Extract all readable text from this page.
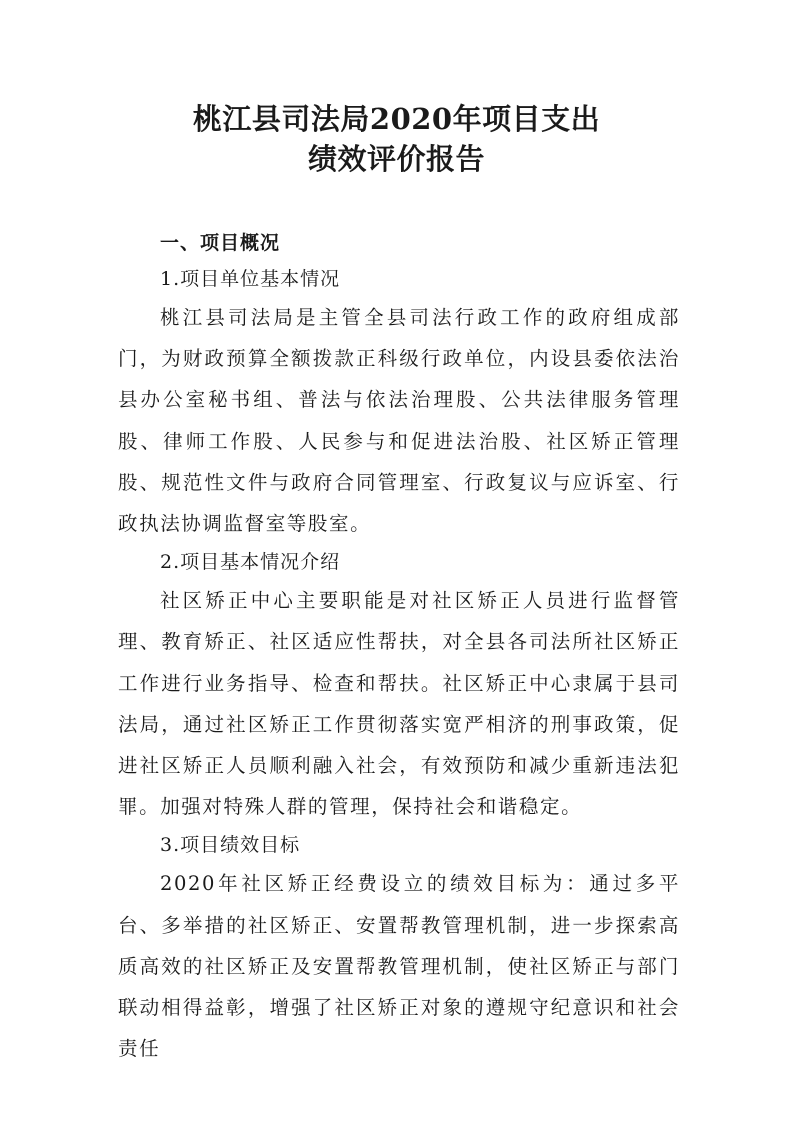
桃江县司法局2020年项目支出
绩效评价报告
一、项目概况
1.项目单位基本情况

桃江县司法局是主管全县司法行政工作的政府组成部门，为财政预算全额拨款正科级行政单位，内设县委依法治县办公室秘书组、普法与依法治理股、公共法律服务管理股、律师工作股、人民参与和促进法治股、社区矫正管理股、规范性文件与政府合同管理室、行政复议与应诉室、行政执法协调监督室等股室。

2.项目基本情况介绍

社区矫正中心主要职能是对社区矫正人员进行监督管理、教育矫正、社区适应性帮扶，对全县各司法所社区矫正工作进行业务指导、检查和帮扶。社区矫正中心隶属于县司法局，通过社区矫正工作贯彻落实宽严相济的刑事政策，促进社区矫正人员顺利融入社会，有效预防和减少重新违法犯罪。加强对特殊人群的管理，保持社会和谐稳定。

3.项目绩效目标

2020年社区矫正经费设立的绩效目标为：通过多平台、多举措的社区矫正、安置帮教管理机制，进一步探索高质高效的社区矫正及安置帮教管理机制，使社区矫正与部门联动相得益彰，增强了社区矫正对象的遵规守纪意识和社会责任
